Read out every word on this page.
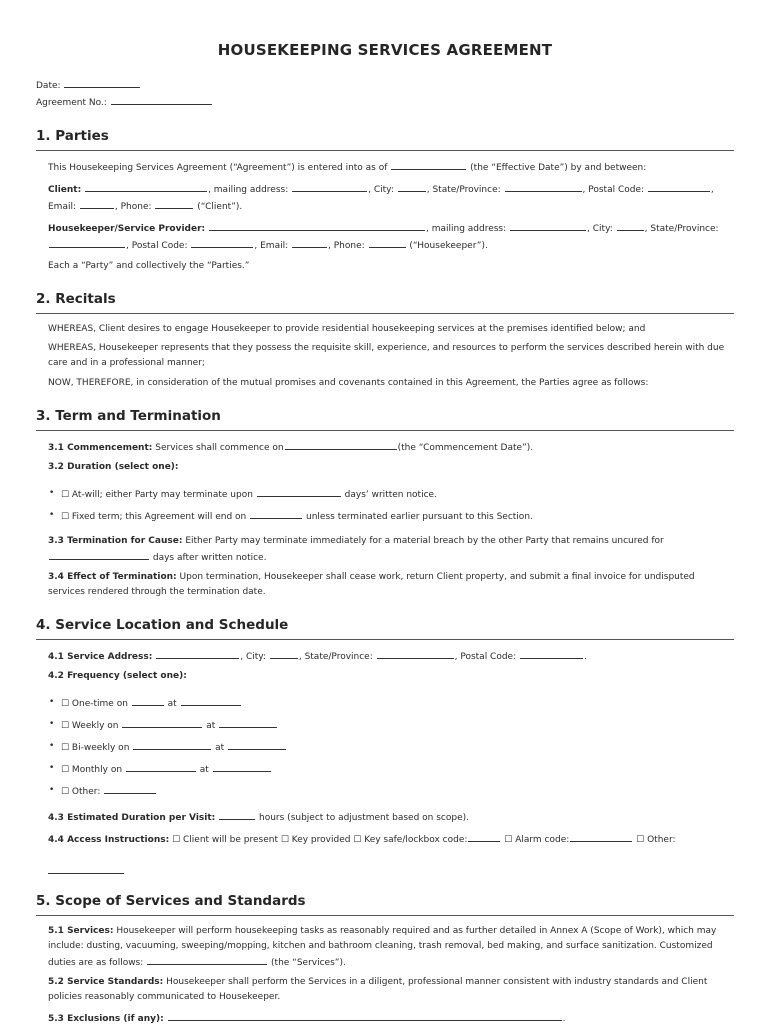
HOUSEKEEPING SERVICES AGREEMENT
Date:
Agreement No.:
1. Parties

This Housekeeping Services Agreement (“Agreement”) is entered into as of	(the “Effective Date”) by and between:

Client:	, mailing address:	, City:	, State/Province:	, Postal Code:	,
Email:	, Phone:	(“Client”).

Housekeeper/Service Provider:	, mailing address:	, City:	, State/Province:
, Postal Code:	, Email:	, Phone:	(“Housekeeper”).

Each a “Party” and collectively the “Parties.”

2. Recitals

WHEREAS, Client desires to engage Housekeeper to provide residential housekeeping services at the premises identified below; and

WHEREAS, Housekeeper represents that they possess the requisite skill, experience, and resources to perform the services described herein with due care and in a professional manner;

NOW, THEREFORE, in consideration of the mutual promises and covenants contained in this Agreement, the Parties agree as follows:

3. Term and Termination

3.1 Commencement: Services shall commence on	(the “Commencement Date”).

3.2 Duration (select one):

• ☐ At-will; either Party may terminate upon	days’ written notice.
• ☐ Fixed term; this Agreement will end on	unless terminated earlier pursuant to this Section.

3.3 Termination for Cause: Either Party may terminate immediately for a material breach by the other Party that remains uncured for
days after written notice.

3.4 Effect of Termination: Upon termination, Housekeeper shall cease work, return Client property, and submit a final invoice for undisputed services rendered through the termination date.

4. Service Location and Schedule

4.1 Service Address:	, City:	, State/Province:	, Postal Code:	.

4.2 Frequency (select one):

• ☐ One-time on	at
• ☐ Weekly on	at
• ☐ Bi-weekly on	at
• ☐ Monthly on	at
• ☐ Other:

4.3 Estimated Duration per Visit:	hours (subject to adjustment based on scope).

4.4 Access Instructions: ☐ Client will be present ☐ Key provided ☐ Key safe/lockbox code:	☐ Alarm code:	☐ Other:

5. Scope of Services and Standards

5.1 Services: Housekeeper will perform housekeeping tasks as reasonably required and as further detailed in Annex A (Scope of Work), which may include: dusting, vacuuming, sweeping/mopping, kitchen and bathroom cleaning, trash removal, bed making, and surface sanitization. Customized duties are as follows:	(the “Services”).

5.2 Service Standards: Housekeeper shall perform the Services in a diligent, professional manner consistent with industry standards and Client policies reasonably communicated to Housekeeper.

5.3 Exclusions (if any):	.
